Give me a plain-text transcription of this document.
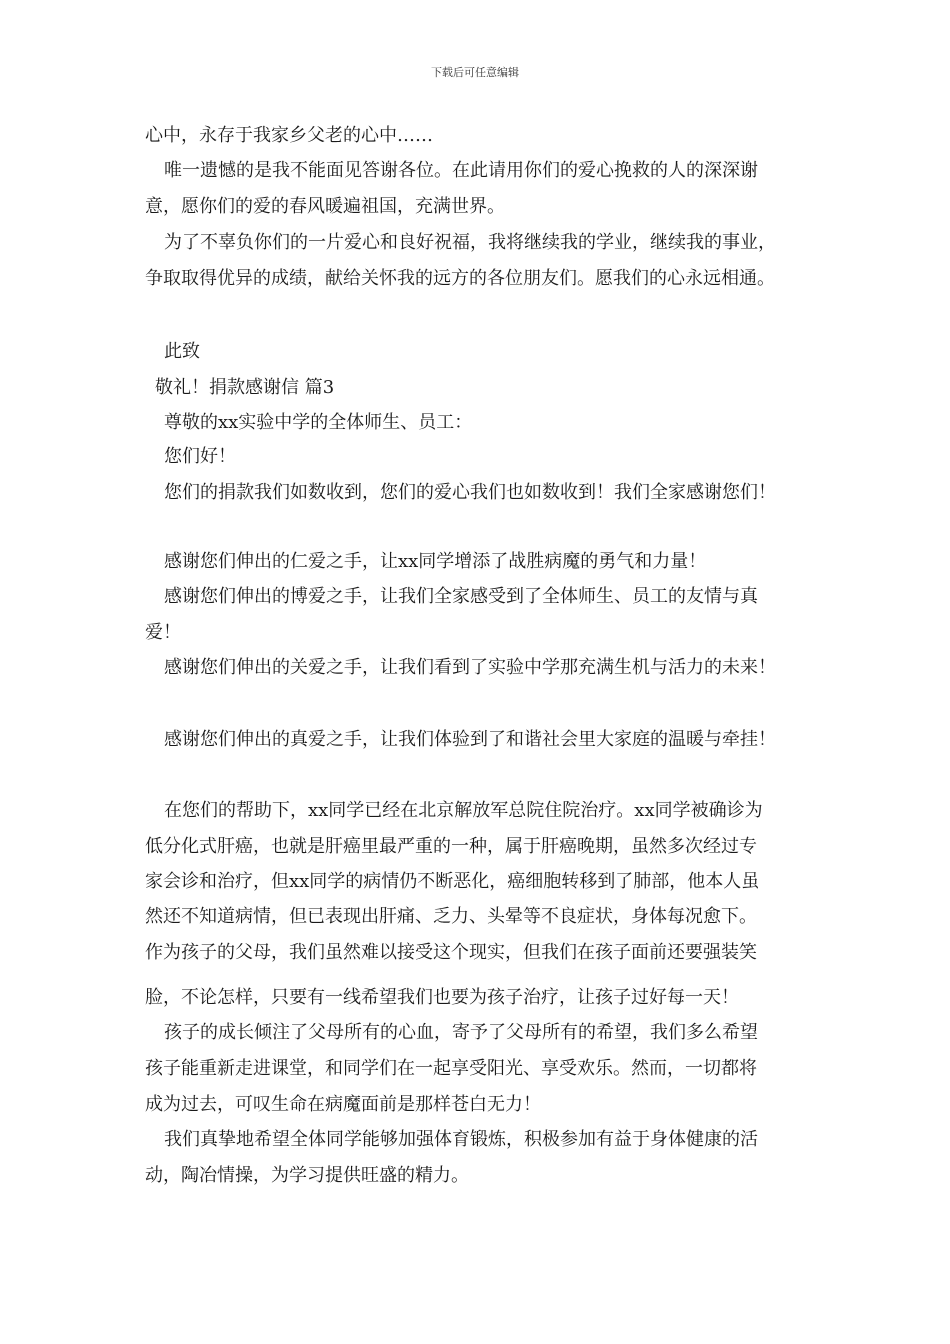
下载后可任意编辑
心中，永存于我家乡父老的心中……
唯一遗憾的是我不能面见答谢各位。在此请用你们的爱心挽救的人的深深谢
意，愿你们的爱的春风暖遍祖国，充满世界。
为了不辜负你们的一片爱心和良好祝福，我将继续我的学业，继续我的事业，
争取取得优异的成绩，献给关怀我的远方的各位朋友们。愿我们的心永远相通。
此致
敬礼！捐款感谢信 篇3
尊敬的xx实验中学的全体师生、员工：
您们好！
您们的捐款我们如数收到，您们的爱心我们也如数收到！我们全家感谢您们！
感谢您们伸出的仁爱之手，让xx同学增添了战胜病魔的勇气和力量！
感谢您们伸出的博爱之手，让我们全家感受到了全体师生、员工的友情与真
爱！
感谢您们伸出的关爱之手，让我们看到了实验中学那充满生机与活力的未来！
感谢您们伸出的真爱之手，让我们体验到了和谐社会里大家庭的温暖与牵挂！
在您们的帮助下，xx同学已经在北京解放军总院住院治疗。xx同学被确诊为
低分化式肝癌，也就是肝癌里最严重的一种，属于肝癌晚期，虽然多次经过专
家会诊和治疗，但xx同学的病情仍不断恶化，癌细胞转移到了肺部，他本人虽
然还不知道病情，但已表现出肝痛、乏力、头晕等不良症状，身体每况愈下。
作为孩子的父母，我们虽然难以接受这个现实，但我们在孩子面前还要强装笑
脸，不论怎样，只要有一线希望我们也要为孩子治疗，让孩子过好每一天！
孩子的成长倾注了父母所有的心血，寄予了父母所有的希望，我们多么希望
孩子能重新走进课堂，和同学们在一起享受阳光、享受欢乐。然而，一切都将
成为过去，可叹生命在病魔面前是那样苍白无力！
我们真挚地希望全体同学能够加强体育锻炼，积极参加有益于身体健康的活
动，陶冶情操，为学习提供旺盛的精力。
